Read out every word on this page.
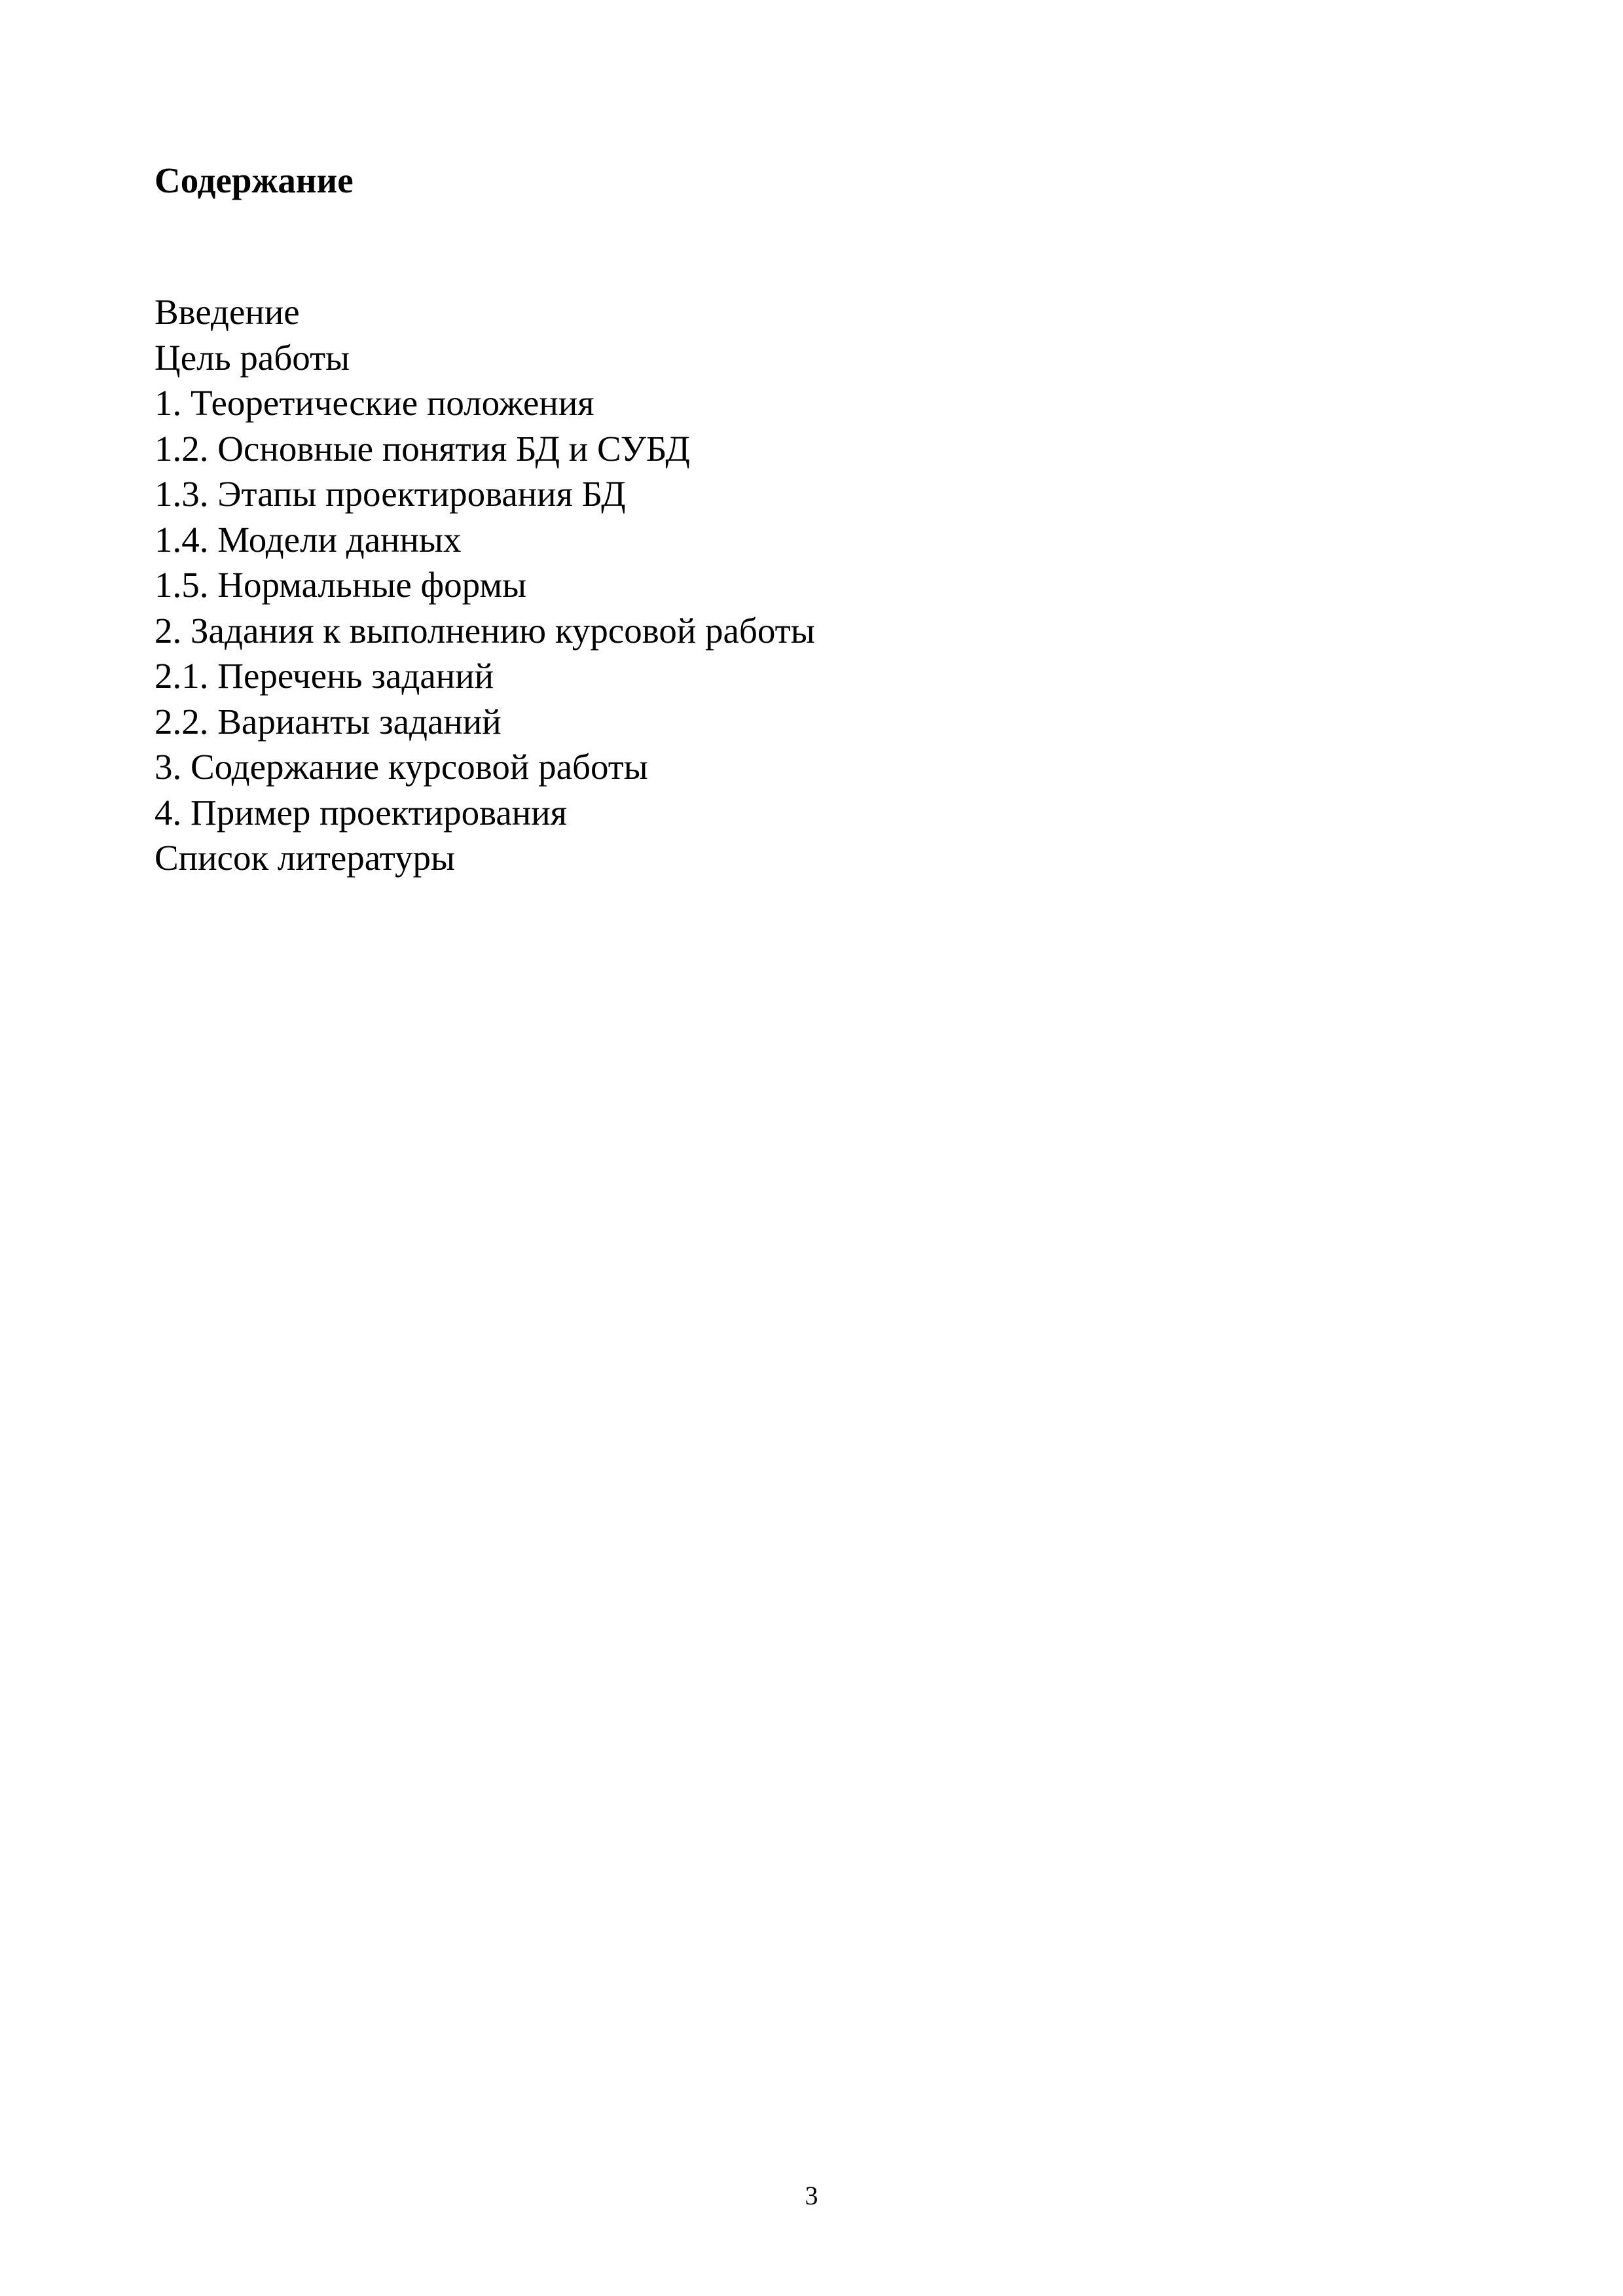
Содержание
Введение
Цель работы
1. Теоретические положения
1.2. Основные понятия БД и СУБД
1.3. Этапы проектирования БД
1.4. Модели данных
1.5. Нормальные формы
2. Задания к выполнению курсовой работы
2.1. Перечень заданий
2.2. Варианты заданий
3. Содержание курсовой работы
4. Пример проектирования
Список литературы
3
